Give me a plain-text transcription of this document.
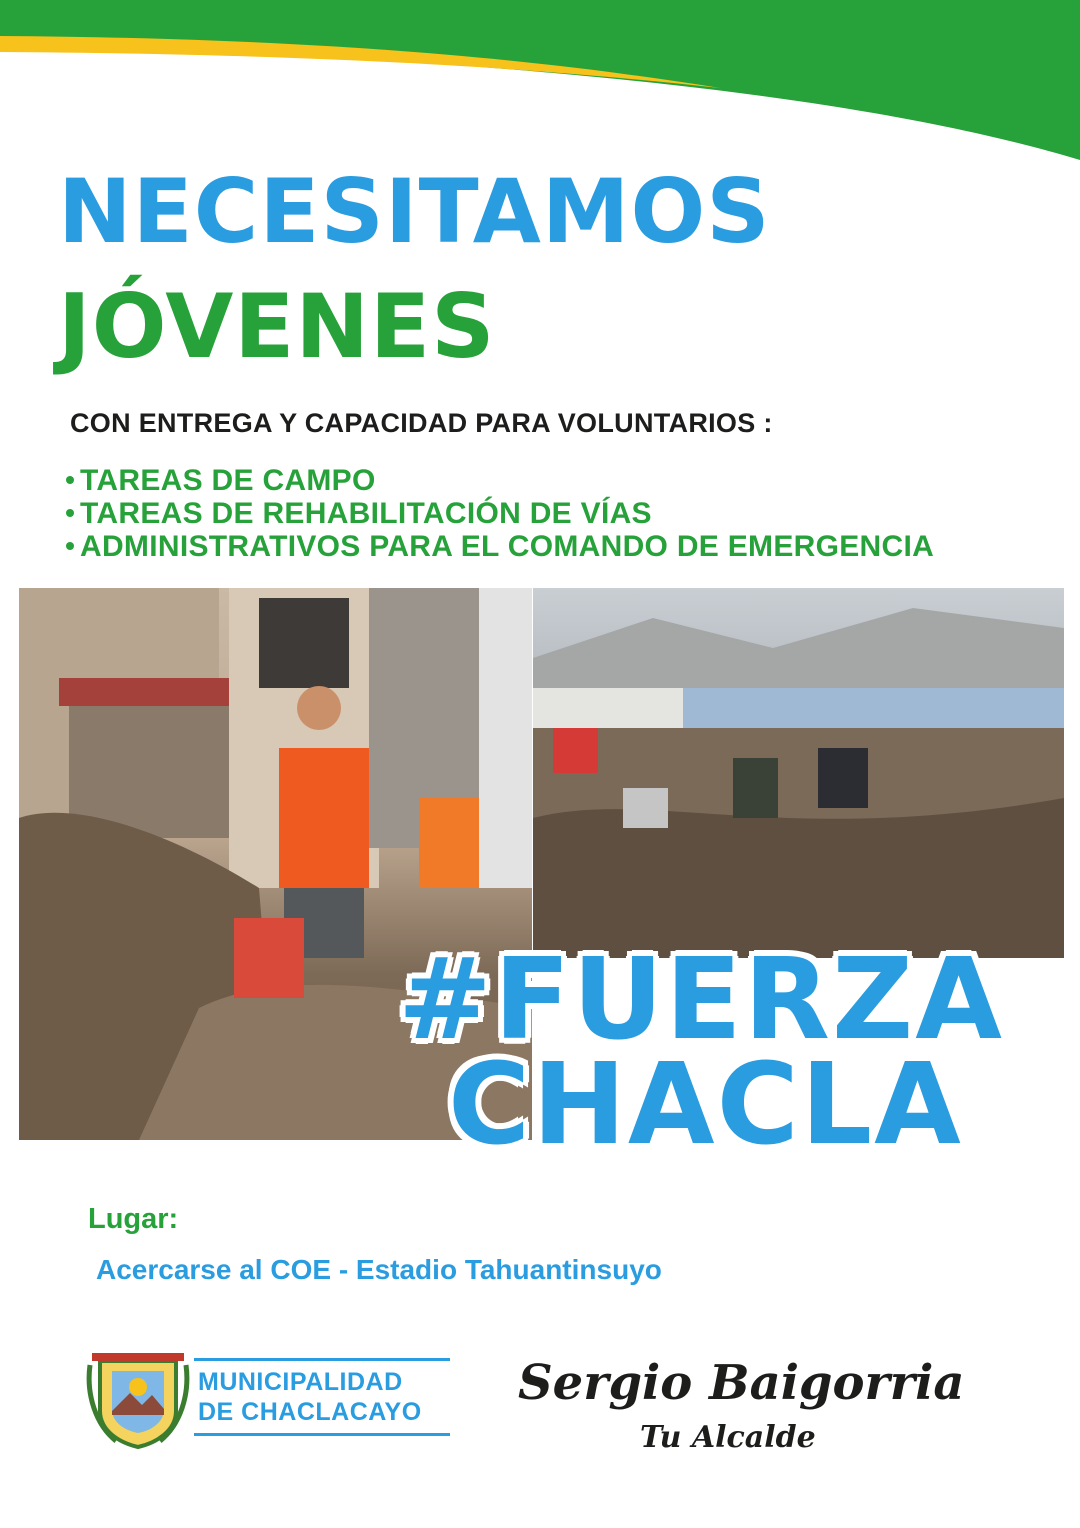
NECESITAMOS
JÓVENES
CON ENTREGA Y CAPACIDAD PARA VOLUNTARIOS :
TAREAS DE CAMPO
TAREAS DE REHABILITACIÓN DE VÍAS
ADMINISTRATIVOS PARA EL COMANDO DE EMERGENCIA
#FUERZA
CHACLA
Lugar:
Acercarse al COE - Estadio Tahuantinsuyo
MUNICIPALIDAD
DE CHACLACAYO
Sergio Baigorria
Tu Alcalde
